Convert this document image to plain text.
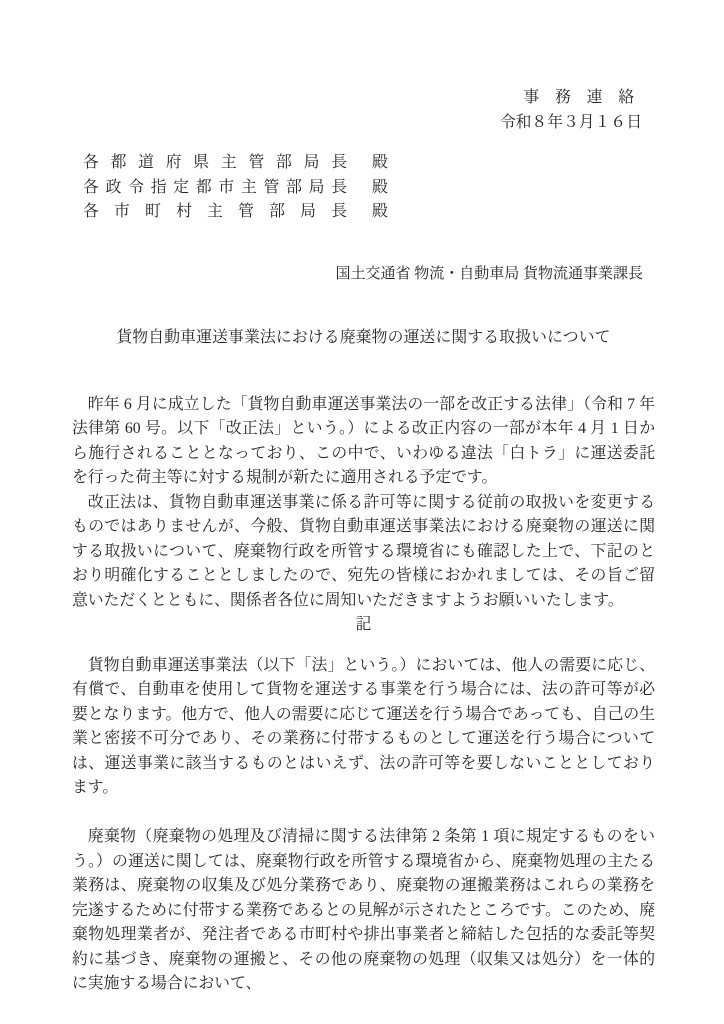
事　務　連　絡
令和８年３月１６日
各都道府県主管部局長 殿
各政令指定都市主管部局長 殿
各市町村主管部局長 殿
国土交通省 物流・自動車局 貨物流通事業課長
貨物自動車運送事業法における廃棄物の運送に関する取扱いについて

昨年 6 月に成立した「貨物自動車運送事業法の一部を改正する法律」（令和 7 年法律第 60 号。以下「改正法」という。）による改正内容の一部が本年 4 月 1 日から施行されることとなっており、この中で、いわゆる違法「白トラ」に運送委託を行った荷主等に対する規制が新たに適用される予定です。

改正法は、貨物自動車運送事業に係る許可等に関する従前の取扱いを変更するものではありませんが、今般、貨物自動車運送事業法における廃棄物の運送に関する取扱いについて、廃棄物行政を所管する環境省にも確認した上で、下記のとおり明確化することとしましたので、宛先の皆様におかれましては、その旨ご留意いただくとともに、関係者各位に周知いただきますようお願いいたします。

記

貨物自動車運送事業法（以下「法」という。）においては、他人の需要に応じ、有償で、自動車を使用して貨物を運送する事業を行う場合には、法の許可等が必要となります。他方で、他人の需要に応じて運送を行う場合であっても、自己の生業と密接不可分であり、その業務に付帯するものとして運送を行う場合については、運送事業に該当するものとはいえず、法の許可等を要しないこととしております。

廃棄物（廃棄物の処理及び清掃に関する法律第 2 条第 1 項に規定するものをいう。）の運送に関しては、廃棄物行政を所管する環境省から、廃棄物処理の主たる業務は、廃棄物の収集及び処分業務であり、廃棄物の運搬業務はこれらの業務を完遂するために付帯する業務であるとの見解が示されたところです。このため、廃棄物処理業者が、発注者である市町村や排出事業者と締結した包括的な委託等契約に基づき、廃棄物の運搬と、その他の廃棄物の処理（収集又は処分）を一体的に実施する場合において、
